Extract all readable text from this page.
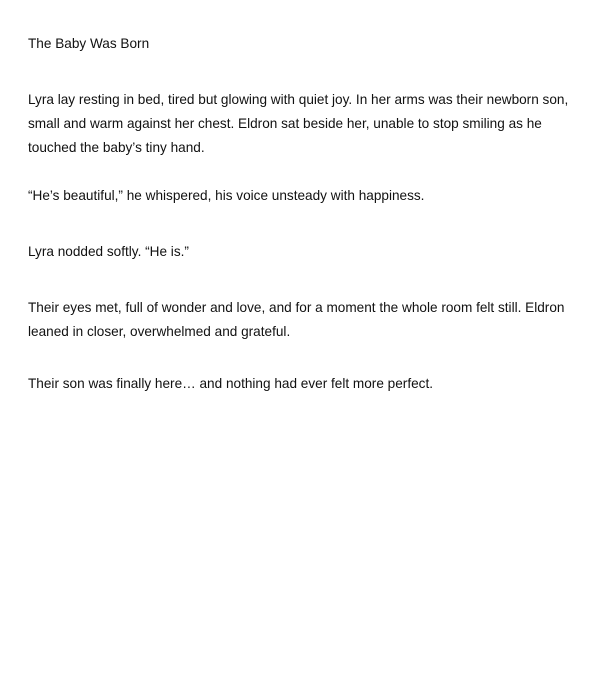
The Baby Was Born

Lyra lay resting in bed, tired but glowing with quiet joy. In her arms was their newborn son, small and warm against her chest. Eldron sat beside her, unable to stop smiling as he touched the baby’s tiny hand.

“He’s beautiful,” he whispered, his voice unsteady with happiness.

Lyra nodded softly. “He is.”

Their eyes met, full of wonder and love, and for a moment the whole room felt still. Eldron leaned in closer, overwhelmed and grateful.

Their son was finally here… and nothing had ever felt more perfect.
